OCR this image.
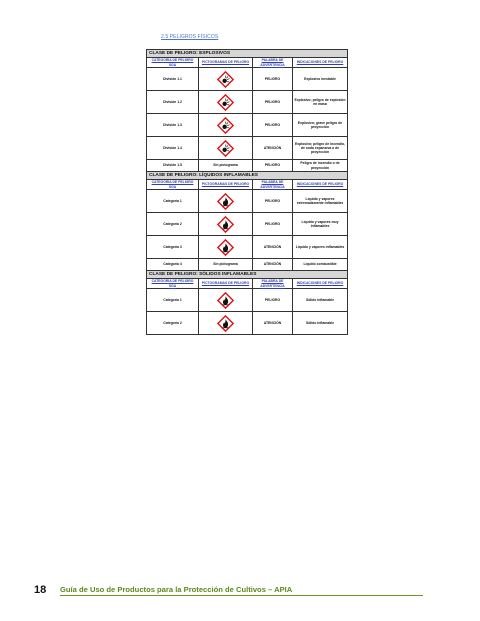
2.5 PELIGROS FÍSICOS
CLASE DE PELIGRO: EXPLOSIVOS			
CATEGORÍA DE PELIGRO SGA	PICTOGRAMAS DE PELIGRO	PALABRA DE ADVERTENCIA	INDICACIONES DE PELIGRO
División 1.1		PELIGRO	Explosivo inestable
División 1.2		PELIGRO	Explosivo; peligro de explosión en masa
División 1.3		PELIGRO	Explosivo; grave peligro de proyección
División 1.4		ATENCIÓN	Explosivo; peligro de incendio, de onda expansiva o de proyección
División 1.5	Sin pictograma	PELIGRO	Peligro de incendio o de proyección
CLASE DE PELIGRO: LÍQUIDOS INFLAMABLES			
CATEGORÍA DE PELIGRO SGA	PICTOGRAMAS DE PELIGRO	PALABRA DE ADVERTENCIA	INDICACIONES DE PELIGRO
Categoría 1		PELIGRO	Líquido y vapores extremadamente inflamables
Categoría 2		PELIGRO	Líquido y vapores muy inflamables
Categoría 3		ATENCIÓN	Líquido y vapores inflamables
Categoría 4	Sin pictograma	ATENCIÓN	Líquido combustible
CLASE DE PELIGRO: SÓLIDOS INFLAMABLES			
CATEGORÍA DE PELIGRO SGA	PICTOGRAMAS DE PELIGRO	PALABRA DE ADVERTENCIA	INDICACIONES DE PELIGRO
Categoría 1		PELIGRO	Sólido inflamable
Categoría 2		ATENCIÓN	Sólido inflamable
18 Guía de Uso de Productos para la Protección de Cultivos – APIA
